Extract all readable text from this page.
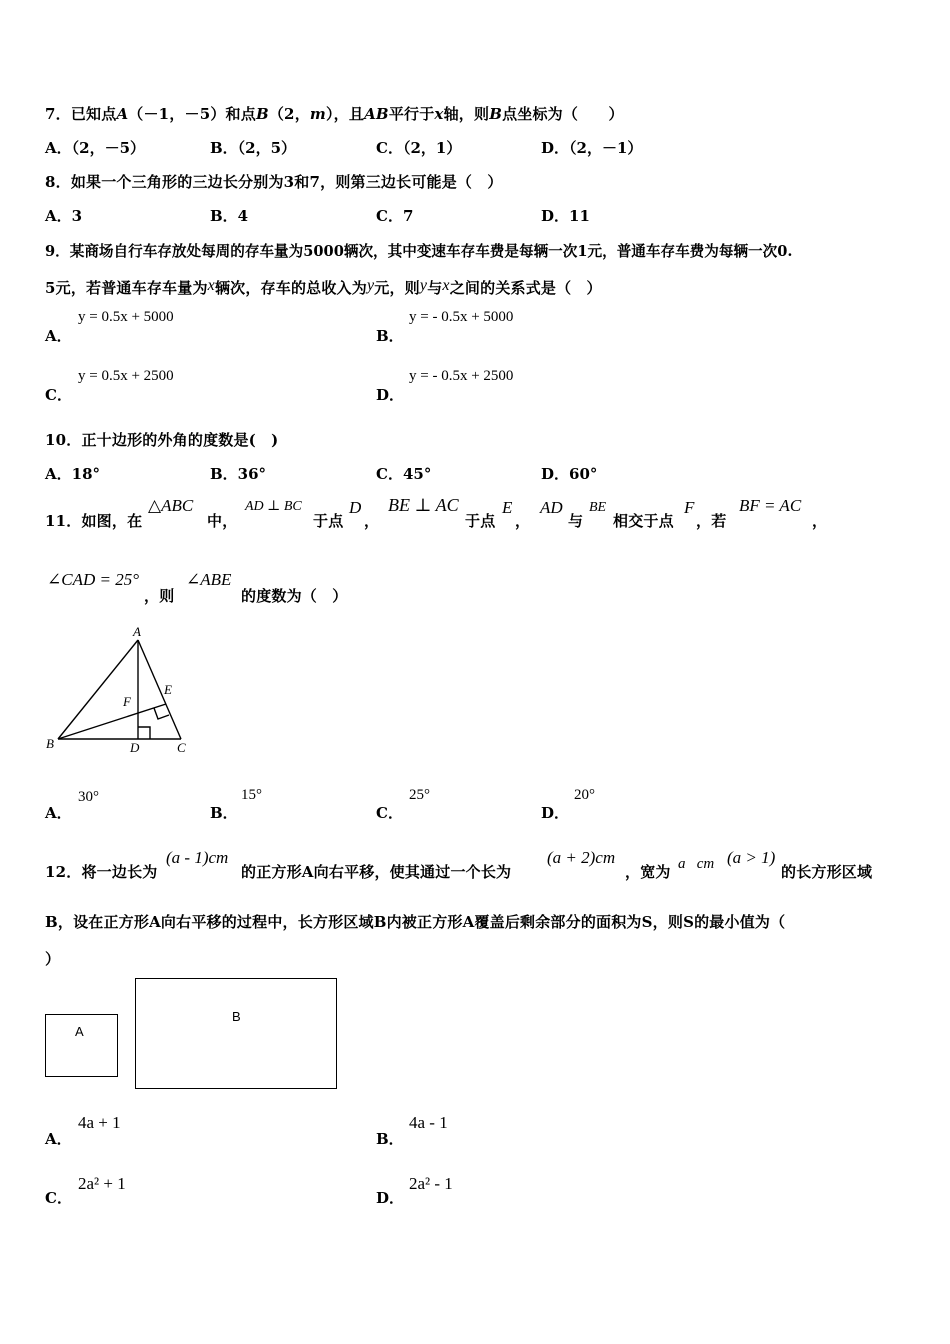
7．已知点A（－1，－5）和点B（2，m），且AB平行于x轴，则B点坐标为（　　）
A．（2，－5）	B．（2，5）	C．（2，1）	D．（2，－1）
8．如果一个三角形的三边长分别为3和7，则第三边长可能是（　）
A．3	B．4	C．7	D．11
9．某商场自行车存放处每周的存车量为5000辆次，其中变速车存车费是每辆一次1元，普通车存车费为每辆一次0.
5元，若普通车存车量为x辆次，存车的总收入为y元，则y与x之间的关系式是（　）
A．
y = 0.5x + 5000
B．
y = - 0.5x + 5000
C．
y = 0.5x + 2500
D．
y = - 0.5x + 2500
10．正十边形的外角的度数是(　)
A．18°	B．36°	C．45°	D．60°
11．如图，在
△ABC
中，
AD ⊥ BC
于点
D
，
BE ⊥ AC
于点
E
，
AD
与
BE
相交于点
F
，若
BF = AC
，
∠CAD = 25°
，则
∠ABE
的度数为（　）
A
B	C
D
E
F
A．
30°
B．
15°
C．
25°
D．
20°
12．将一边长为
(a - 1)cm
的正方形A向右平移，使其通过一个长为
(a + 2)cm
，宽为 a   cm (a > 1)
的长方形区域
B，设在正方形A向右平移的过程中，长方形区域B内被正方形A覆盖后剩余部分的面积为S，则S的最小值为（
）
A
B
A．
4a + 1
B．
4a - 1
C．
2a² + 1
D．
2a² - 1
